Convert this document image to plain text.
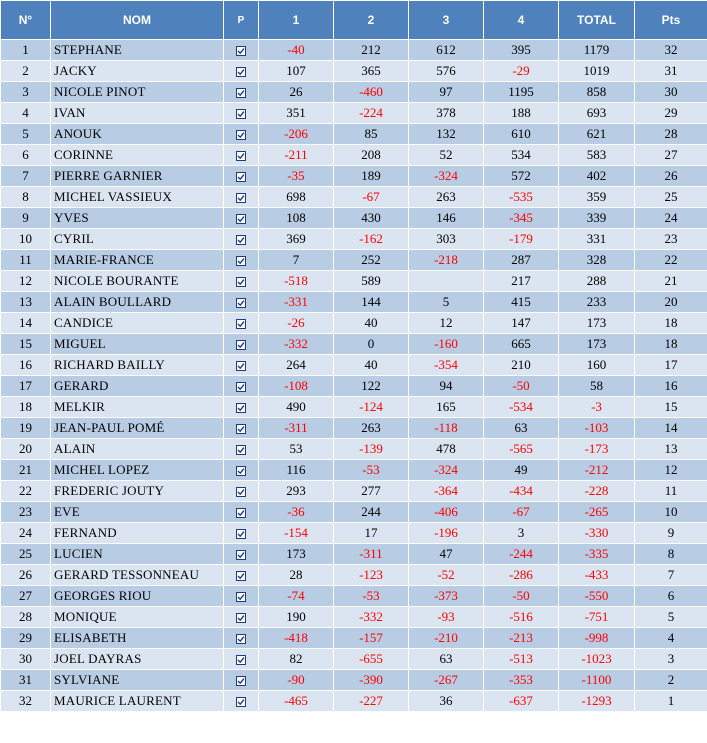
N°	NOM	P	1	2	3	4	TOTAL	Pts
1	STEPHANE		-40	212	612	395	1179	32
2	JACKY		107	365	576	-29	1019	31
3	NICOLE PINOT		26	-460	97	1195	858	30
4	IVAN		351	-224	378	188	693	29
5	ANOUK		-206	85	132	610	621	28
6	CORINNE		-211	208	52	534	583	27
7	PIERRE GARNIER		-35	189	-324	572	402	26
8	MICHEL VASSIEUX		698	-67	263	-535	359	25
9	YVES		108	430	146	-345	339	24
10	CYRIL		369	-162	303	-179	331	23
11	MARIE-FRANCE		7	252	-218	287	328	22
12	NICOLE BOURANTE		-518	589		217	288	21
13	ALAIN BOULLARD		-331	144	5	415	233	20
14	CANDICE		-26	40	12	147	173	18
15	MIGUEL		-332	0	-160	665	173	18
16	RICHARD BAILLY		264	40	-354	210	160	17
17	GERARD		-108	122	94	-50	58	16
18	MELKIR		490	-124	165	-534	-3	15
19	JEAN-PAUL POMÉ		-311	263	-118	63	-103	14
20	ALAIN		53	-139	478	-565	-173	13
21	MICHEL LOPEZ		116	-53	-324	49	-212	12
22	FREDERIC JOUTY		293	277	-364	-434	-228	11
23	EVE		-36	244	-406	-67	-265	10
24	FERNAND		-154	17	-196	3	-330	9
25	LUCIEN		173	-311	47	-244	-335	8
26	GERARD TESSONNEAU		28	-123	-52	-286	-433	7
27	GEORGES RIOU		-74	-53	-373	-50	-550	6
28	MONIQUE		190	-332	-93	-516	-751	5
29	ELISABETH		-418	-157	-210	-213	-998	4
30	JOEL DAYRAS		82	-655	63	-513	-1023	3
31	SYLVIANE		-90	-390	-267	-353	-1100	2
32	MAURICE LAURENT		-465	-227	36	-637	-1293	1
